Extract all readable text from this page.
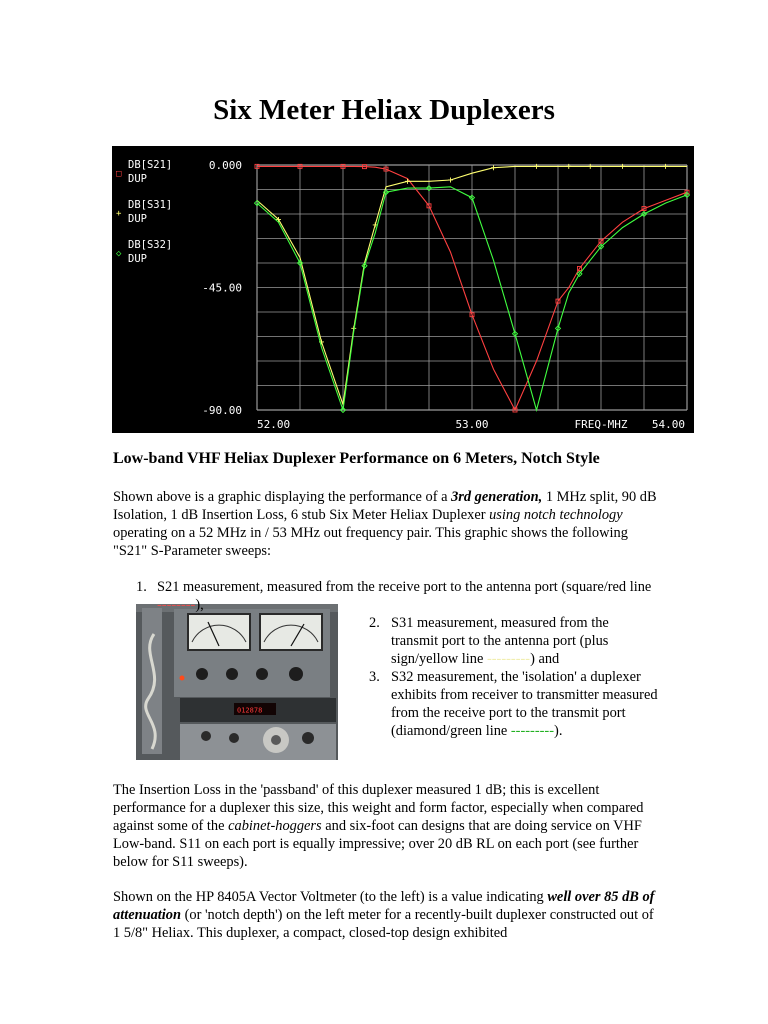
Six Meter Heliax Duplexers
□
DB[S21]
DUP
+
DB[S31]
DUP
◇
DB[S32]
DUP
0.000
-45.00
-90.00
52.00	53.00	FREQ-MHZ 54.00
Low-band VHF Heliax Duplexer Performance on 6 Meters, Notch Style

Shown above is a graphic displaying the performance of a 3rd generation, 1 MHz split, 90 dB Isolation, 1 dB Insertion Loss, 6 stub Six Meter Heliax Duplexer using notch technology operating on a 52 MHz in / 53 MHz out frequency pair. This graphic shows the following "S21" S-Parameter sweeps:

012878
1. S21 measurement, measured from the receive port to the antenna port (square/red line --------),
2. S31 measurement, measured from the transmit port to the antenna port (plus sign/yellow line ---------) and
3. S32 measurement, the 'isolation' a duplexer exhibits from receiver to transmitter measured from the receive port to the transmit port (diamond/green line ---------).

The Insertion Loss in the 'passband' of this duplexer measured 1 dB; this is excellent performance for a duplexer this size, this weight and form factor, especially when compared against some of the cabinet-hoggers and six-foot can designs that are doing service on VHF Low-band. S11 on each port is equally impressive; over 20 dB RL on each port (see further below for S11 sweeps).

Shown on the HP 8405A Vector Voltmeter (to the left) is a value indicating well over 85 dB of attenuation (or 'notch depth') on the left meter for a recently-built duplexer constructed out of 1 5/8" Heliax. This duplexer, a compact, closed-top design exhibited
